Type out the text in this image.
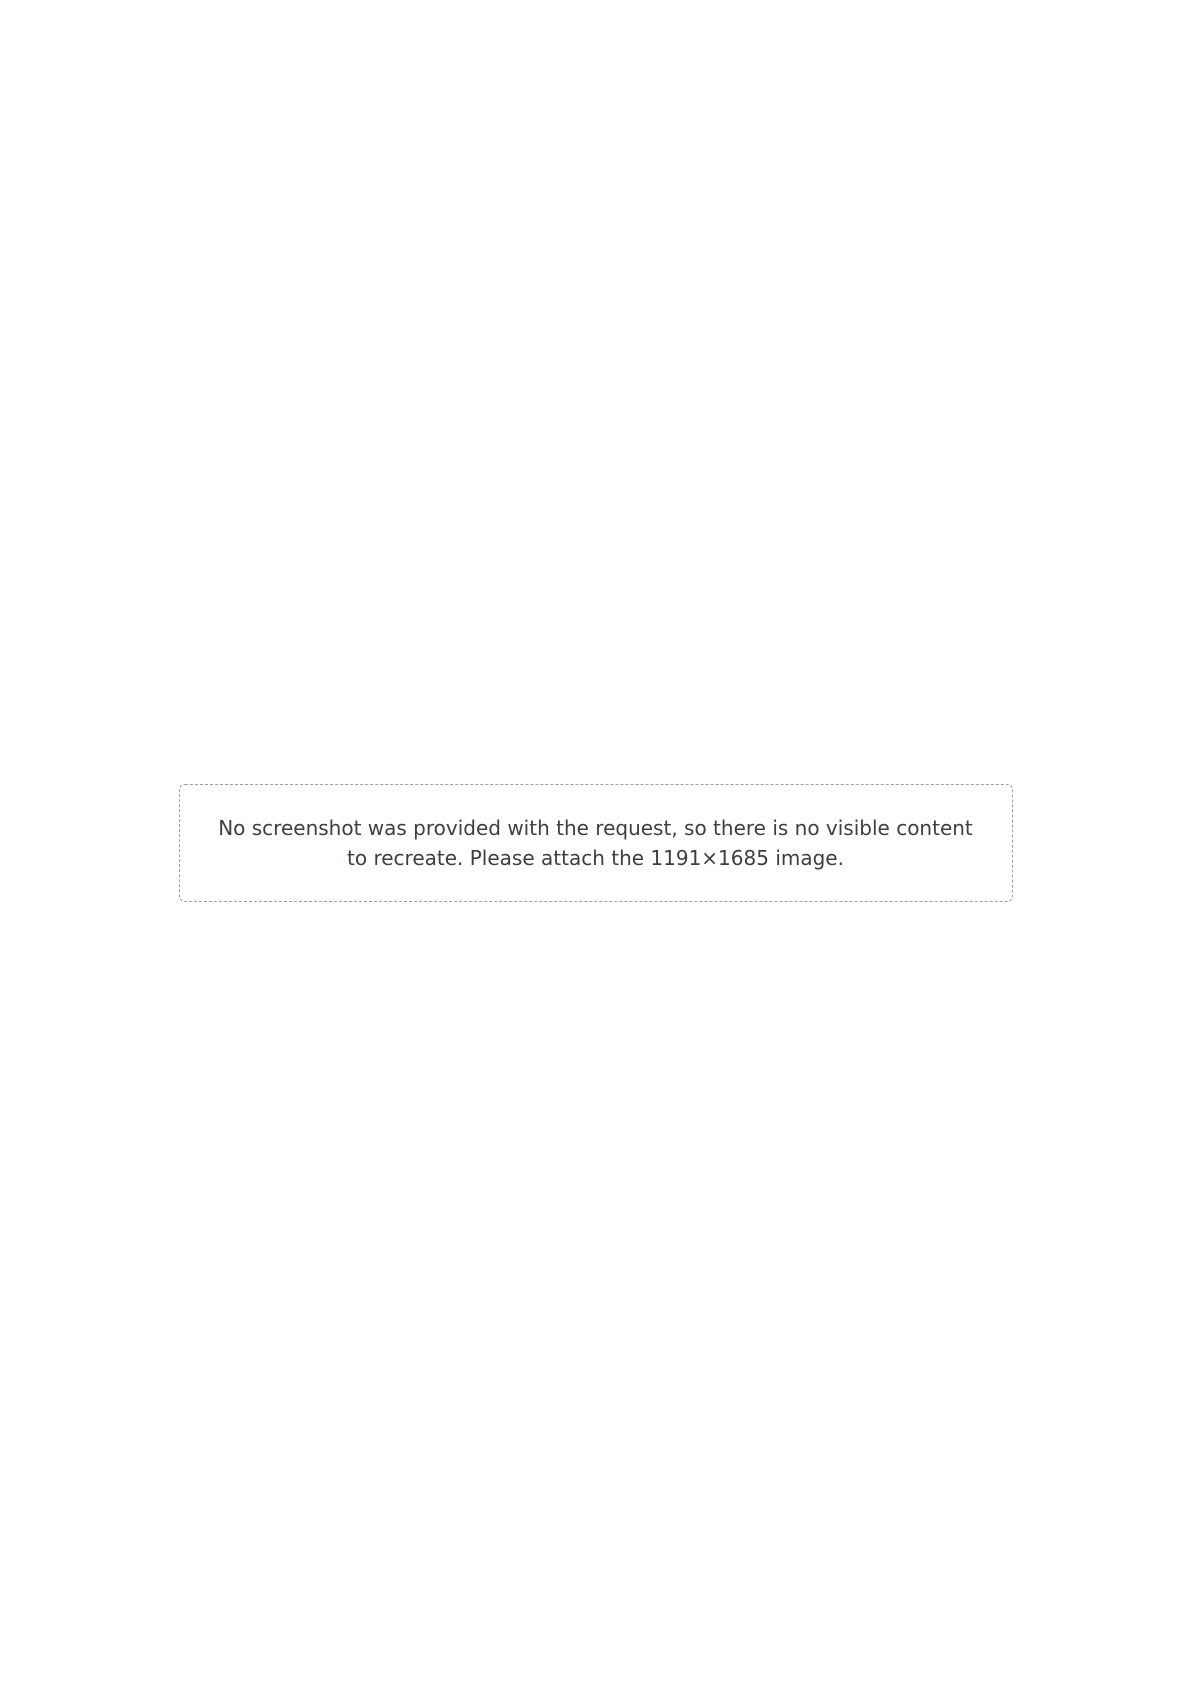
No screenshot was provided with the request, so there is no visible content to recreate. Please attach the 1191×1685 image.
